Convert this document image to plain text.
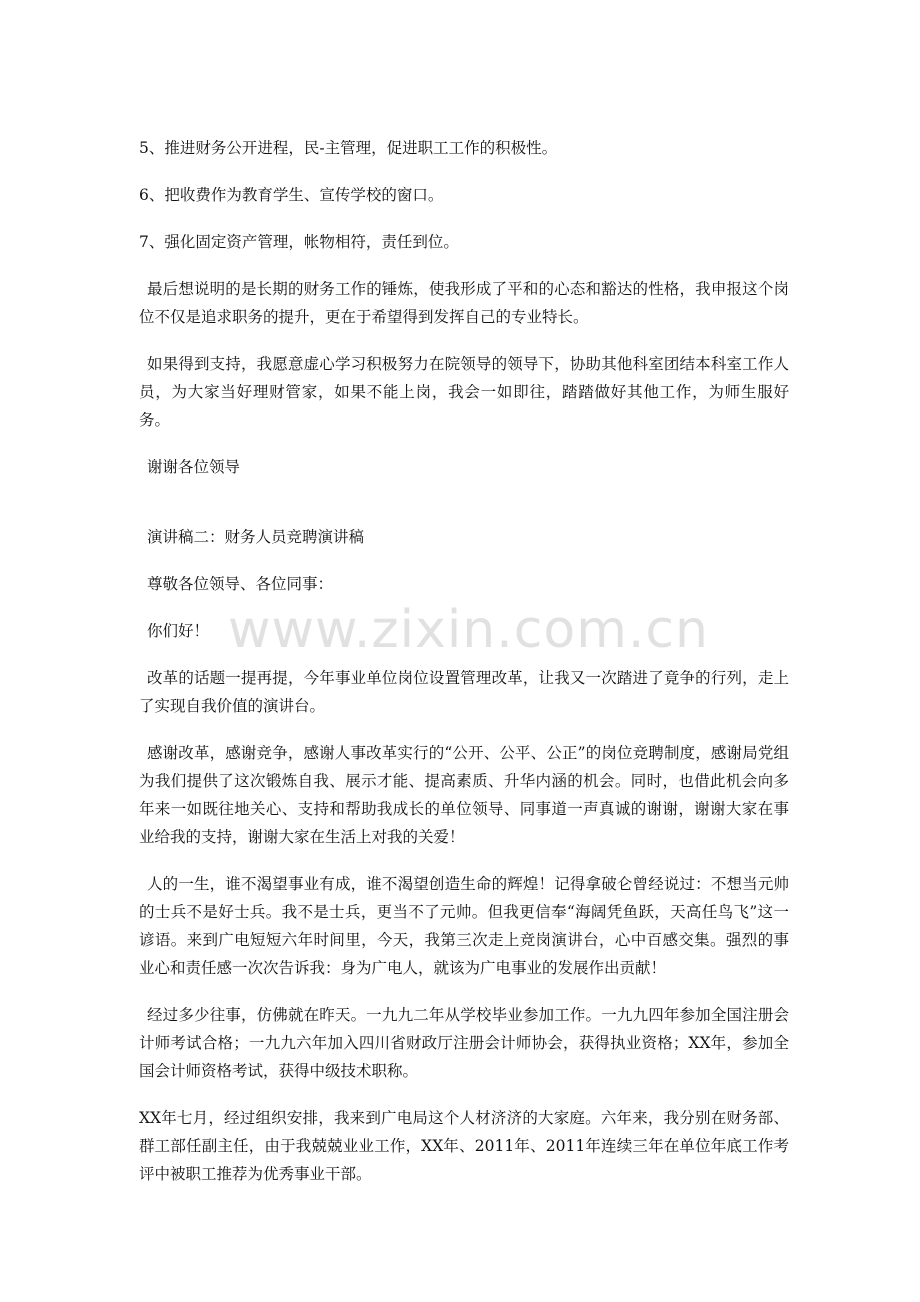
5、推进财务公开进程，民-主管理，促进职工工作的积极性。

6、把收费作为教育学生、宣传学校的窗口。

7、强化固定资产管理，帐物相符，责任到位。

最后想说明的是长期的财务工作的锤炼，使我形成了平和的心态和豁达的性格，我申报这个岗位不仅是追求职务的提升，更在于希望得到发挥自己的专业特长。

如果得到支持，我愿意虚心学习积极努力在院领导的领导下，协助其他科室团结本科室工作人员，为大家当好理财管家，如果不能上岗，我会一如即往，踏踏做好其他工作，为师生服好务。

谢谢各位领导

演讲稿二：财务人员竞聘演讲稿

尊敬各位领导、各位同事：

你们好！

改革的话题一提再提，今年事业单位岗位设置管理改革，让我又一次踏进了竟争的行列，走上了实现自我价值的演讲台。

感谢改革，感谢竞争，感谢人事改革实行的“公开、公平、公正”的岗位竞聘制度，感谢局党组为我们提供了这次锻炼自我、展示才能、提高素质、升华内涵的机会。同时，也借此机会向多年来一如既往地关心、支持和帮助我成长的单位领导、同事道一声真诚的谢谢，谢谢大家在事业给我的支持，谢谢大家在生活上对我的关爱！

人的一生，谁不渴望事业有成，谁不渴望创造生命的辉煌！记得拿破仑曾经说过：不想当元帅的士兵不是好士兵。我不是士兵，更当不了元帅。但我更信奉“海阔凭鱼跃，天高任鸟飞”这一谚语。来到广电短短六年时间里，今天，我第三次走上竞岗演讲台，心中百感交集。强烈的事业心和责任感一次次告诉我：身为广电人，就该为广电事业的发展作出贡献！

经过多少往事，仿佛就在昨天。一九九二年从学校毕业参加工作。一九九四年参加全国注册会计师考试合格；一九九六年加入四川省财政厅注册会计师协会，获得执业资格；XX年，参加全国会计师资格考试，获得中级技术职称。

XX年七月，经过组织安排，我来到广电局这个人材济济的大家庭。六年来，我分别在财务部、群工部任副主任，由于我兢兢业业工作，XX年、2011年、2011年连续三年在单位年底工作考评中被职工推荐为优秀事业干部。

www.zixin.com.cn
